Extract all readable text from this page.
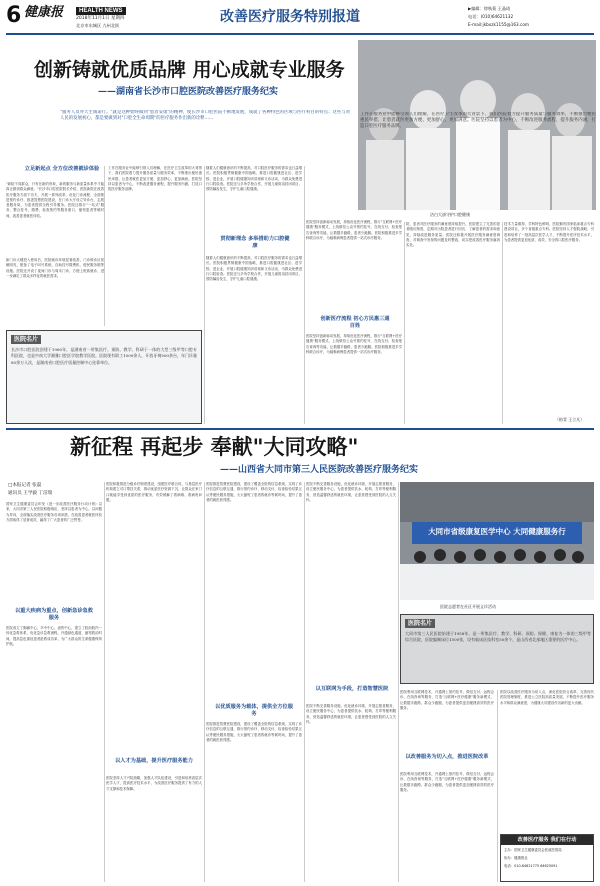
6 健康报	HEALTH NEWS
2018年11月1日 星期四
北京市东城区 九州北街
改善医疗服务特别报道
▶编辑：徐秋菊 王晶琦
电话：(010)64621132
E-mail:jkbxzk1155@163.com
创新铸就优质品牌 用心成就专业服务
——湖南省长沙市口腔医院改善医疗服务纪实
洁白大褂守护口腔健康
"服务人员亦天生诚诺行。"就是这种始终做到"患者安康"的精神，使长沙市口腔医院不断地发展，成就了各种特色的区域与医疗科目的特点；这些与对人民的发展初心，都是要做到对"口腔全生命周期"的医疗服务作出新的诠释……
工作在服务业中能够引领人们理解，在医疗卫生改革的大背景下，我们医院着力提升服务质量与服务效率，不断推出便民惠民举措，让患者就医更加方便、更加舒心、更加满意。医院坚持以患者为中心，不断改进服务流程，提升服务内涵，打造口腔医疗服务品牌。
立足新起点 全方位改善就诊体验
"新院不同群众，只有在新的形象，新的服务与新质量体系中才能真正做到群众满意。"长沙市口腔医院院长介绍，医院新院在改善医疗服务方面下功夫，开展一系列改革，优化门诊流程，全面推进预约诊疗，推进智慧医院建设，在门诊大厅设立导诊台、志愿者服务岗，为患者提供全程引导服务。医院还推行"一站式"服务，整合挂号、缴费、检查预约等服务窗口，缩短患者等候时间，改善患者就医体验。
新门诊大楼投入使用后，医院就诊环境显著改善，门诊候诊区宽敞明亮，配备了电子叫号系统、自助挂号缴费机、便民服务箱等设施。医院还开设了夜间门诊与周末门诊，方便上班族就诊，进一步满足了群众多样化的就医需求。
医院名片
长沙市口腔医院创建于1960年，是湖南省一所集医疗、预防、教学、科研于一体的大型三级甲等口腔专科医院，也是中南大学湘雅口腔医学院教学医院。医院现有职工1000余人，开放牙椅500余台，年门诊量80余万人次，是湖南省口腔医疗质量控制中心挂靠单位。
工作在服务业中能够引领人们理解，在医疗卫生改革的大背景下，我们医院着力提升服务质量与服务效率，不断推出便民惠民举措，让患者就医更加方便、更加舒心、更加满意。医院坚持以患者为中心，不断改进服务流程，提升服务内涵，打造口腔医疗服务品牌。
随着人们健康意识的不断提高，对口腔医疗服务的需求也日益增长。医院积极贯彻健康中国战略，推进口腔健康进社区、进学校、进企业，开展口腔健康知识讲座和义诊活动，为群众免费进行口腔检查。医院还与多所学校合作，开展儿童窝沟封闭项目，预防龋齿发生，守护儿童口腔健康。
贯彻新理念 多举措助力口腔健康
随着人们健康意识的不断提高，对口腔医疗服务的需求也日益增长。医院积极贯彻健康中国战略，推进口腔健康进社区、进学校、进企业，开展口腔健康知识讲座和义诊活动，为群众免费进行口腔检查。医院还与多所学校合作，开展儿童窝沟封闭项目，预防龋齿发生，守护儿童口腔健康。
医院坚持创新驱动发展，持续优化医疗流程，推行"互联网+医疗健康"服务模式，上线微信公众号预约挂号、在线支付、检查报告查询等功能，让数据多跑路，患者少跑腿。医院积极推进多学科联合诊疗，为疑难病例患者提供一站式诊疗服务。
创新医疗流程 初心方民惠三通百姓
医院坚持创新驱动发展，持续优化医疗流程，推行"互联网+医疗健康"服务模式，上线微信公众号预约挂号、在线支付、检查报告查询等功能，让数据多跑路，患者少跑腿。医院积极推进多学科联合诊疗，为疑难病例患者提供一站式诊疗服务。
院，患者对医疗服务的满意度持续提升。医院建立了完善的患者随访制度，定期对出院患者进行回访，了解患者的需求和意见，持续改进服务质量。医院还积极开展医疗服务满意度调查，对调查中发现的问题及时整改，切实把改善医疗服务落到实处。
技术力量雄厚，学科特色鲜明，医院拥有国家临床重点专科建设项目，多个省级重点专科。医院坚持人才强院战略，引进和培养了一批高层次医学人才，不断提升医疗技术水平，为患者提供更加优质、高效、安全的口腔医疗服务。
（柏青 王立凡）
新征程 再起步 奉献"大同攻略"
——山西省大同市第三人民医院改善医疗服务纪实
□本报记者 张磊
通讯员 王学毅 丁洁瑞
国家卫生健康委员会印发《进一步改善医疗服务行动计划》以来，大同市第三人民医院积极响应，坚持以患者为中心，以问题为导向，全面落实改善医疗服务各项举措，在改善患者就医体验方面取得了显著成效，赢得了广大患者的广泛赞誉。
以重大疾病为重点，创新急诊急救服务
医院成立了胸痛中心、卒中中心、创伤中心，建立了院前院内一体化急救体系，优化急诊急救流程，开通绿色通道，缩短救治时间，提高急危重症患者抢救成功率，为广大群众的生命健康保驾护航。
医院积极推进分级诊疗制度建设，组建医疗联合体，与基层医疗机构建立对口帮扶关系，推动优质医疗资源下沉，让群众在家门口就能享受到优质的医疗服务，有效缓解了看病难、看病贵问题。
以人才为基础，提升医疗服务能力
医院坚持人才兴院战略，加强人才队伍建设，引进和培养高层次医学人才，提高医疗技术水平，为改善医疗服务提供了有力的人才支撑和技术保障。
医院推进智慧医院建设，建设了覆盖全院的信息系统，实现了诊疗信息的互联互通，推行预约诊疗、移动支付、检查检验结果互认等便民服务措施，大大缩短了患者的就诊等候时间，提升了患者的就医获得感。
以优质服务为载体，提供全方位服务
医院推进智慧医院建设，建设了覆盖全院的信息系统，实现了诊疗信息的互联互通，推行预约诊疗、移动支付、检查检验结果互认等便民服务措施，大大缩短了患者的就诊等候时间，提升了患者的就医获得感。
医院不断完善服务设施，优化就诊环境，开展志愿者服务，设立便民服务中心，为患者提供饮水、轮椅、打印等便利服务，营造温馨舒适的就医环境，让患者感受到医院的人文关怀。
以互联网为手段，打造智慧医院
医院不断完善服务设施，优化就诊环境，开展志愿者服务，设立便民服务中心，为患者提供饮水、轮椅、打印等便利服务，营造温馨舒适的就医环境，让患者感受到医院的人文关怀。
大同市省级康复医学中心 大同健康服务行
医院志愿者在社区开展义诊活动
医院名片
大同市第三人民医院始建于1958年，是一所集医疗、教学、科研、预防、保健、康复为一体的三级甲等综合医院，医院编制床位1500张，设有临床医技科室50余个，是山西省北部地区重要的医疗中心。
医院利用互联网技术，开通网上预约挂号、微信支付、远程会诊、在线咨询等服务，打造"互联网+医疗健康"服务新模式，让数据多跑路、群众少跑腿，为患者提供更加便捷高效的医疗服务。
以改善服务为切入点，推进医院改革
医院利用互联网技术，开通网上预约挂号、微信支付、远程会诊、在线咨询等服务，打造"互联网+医疗健康"服务新模式，让数据多跑路、群众少跑腿，为患者提供更加便捷高效的医疗服务。
医院以改善医疗服务为切入点，深化医院综合改革，完善现代医院管理制度，推进公立医院高质量发展，不断提升医疗服务水平和群众满意度，为健康大同建设作出新的更大贡献。
改善医疗服务 我们在行动
主办：国家卫生健康委员会医政医管局
协办：健康报社
电话：010-64621775 64625091
